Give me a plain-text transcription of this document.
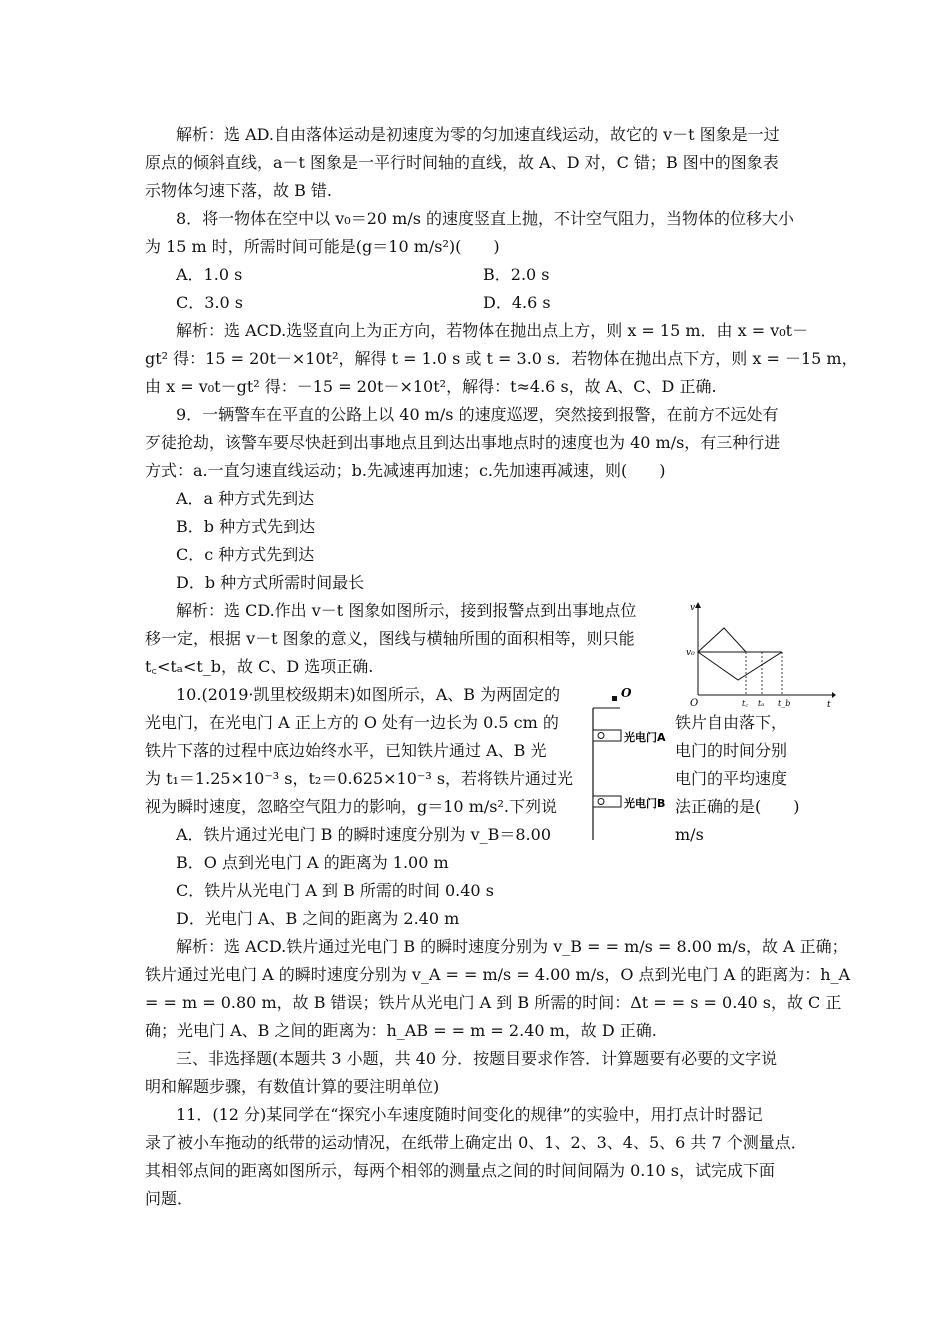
解析：选 AD.自由落体运动是初速度为零的匀加速直线运动，故它的 v－t 图象是一过
原点的倾斜直线，a－t 图象是一平行时间轴的直线，故 A、D 对，C 错；B 图中的图象表
示物体匀速下落，故 B 错.
8．将一物体在空中以 v₀＝20 m/s 的速度竖直上抛，不计空气阻力，当物体的位移大小
为 15 m 时，所需时间可能是(g＝10 m/s²)(　　)
A．1.0 s	B．2.0 s
C．3.0 s	D．4.6 s
解析：选 ACD.选竖直向上为正方向，若物体在抛出点上方，则 x = 15 m．由 x = v₀t－
gt² 得：15 = 20t－×10t²，解得 t = 1.0 s 或 t = 3.0 s．若物体在抛出点下方，则 x = －15 m，
由 x = v₀t－gt² 得：－15 = 20t－×10t²，解得：t≈4.6 s，故 A、C、D 正确.
9．一辆警车在平直的公路上以 40 m/s 的速度巡逻，突然接到报警，在前方不远处有
歹徒抢劫，该警车要尽快赶到出事地点且到达出事地点时的速度也为 40 m/s，有三种行进
方式：a.一直匀速直线运动；b.先减速再加速；c.先加速再减速，则(　　)
A．a 种方式先到达
B．b 种方式先到达
C．c 种方式先到达
D．b 种方式所需时间最长
解析：选 CD.作出 v－t 图象如图所示，接到报警点到出事地点位
移一定，根据 v－t 图象的意义，图线与横轴所围的面积相等，则只能
t꜀<tₐ<t_b，故 C、D 选项正确.
v
v₀
O	t
t꜀ tₐ t_b
10.(2019·凯里校级期末)如图所示，A、B 为两固定的
光电门，在光电门 A 正上方的 O 处有一边长为 0.5 cm 的
铁片下落的过程中底边始终水平，已知铁片通过 A、B 光
为 t₁＝1.25×10⁻³ s，t₂＝0.625×10⁻³ s，若将铁片通过光
视为瞬时速度，忽略空气阻力的影响，g＝10 m/s².下列说
A．铁片通过光电门 B 的瞬时速度分别为 v_B＝8.00
O
光电门A
光电门B
铁片自由落下，
电门的时间分别
电门的平均速度
法正确的是(　　)
m/s
B．O 点到光电门 A 的距离为 1.00 m
C．铁片从光电门 A 到 B 所需的时间 0.40 s
D．光电门 A、B 之间的距离为 2.40 m
解析：选 ACD.铁片通过光电门 B 的瞬时速度分别为 v_B = = m/s = 8.00 m/s，故 A 正确；
铁片通过光电门 A 的瞬时速度分别为 v_A = = m/s = 4.00 m/s，O 点到光电门 A 的距离为：h_A
= = m = 0.80 m，故 B 错误；铁片从光电门 A 到 B 所需的时间：Δt = = s = 0.40 s，故 C 正
确；光电门 A、B 之间的距离为：h_AB = = m = 2.40 m，故 D 正确.
三、非选择题(本题共 3 小题，共 40 分．按题目要求作答．计算题要有必要的文字说
明和解题步骤，有数值计算的要注明单位)
11．(12 分)某同学在“探究小车速度随时间变化的规律”的实验中，用打点计时器记
录了被小车拖动的纸带的运动情况，在纸带上确定出 0、1、2、3、4、5、6 共 7 个测量点．
其相邻点间的距离如图所示，每两个相邻的测量点之间的时间间隔为 0.10 s，试完成下面
问题．
